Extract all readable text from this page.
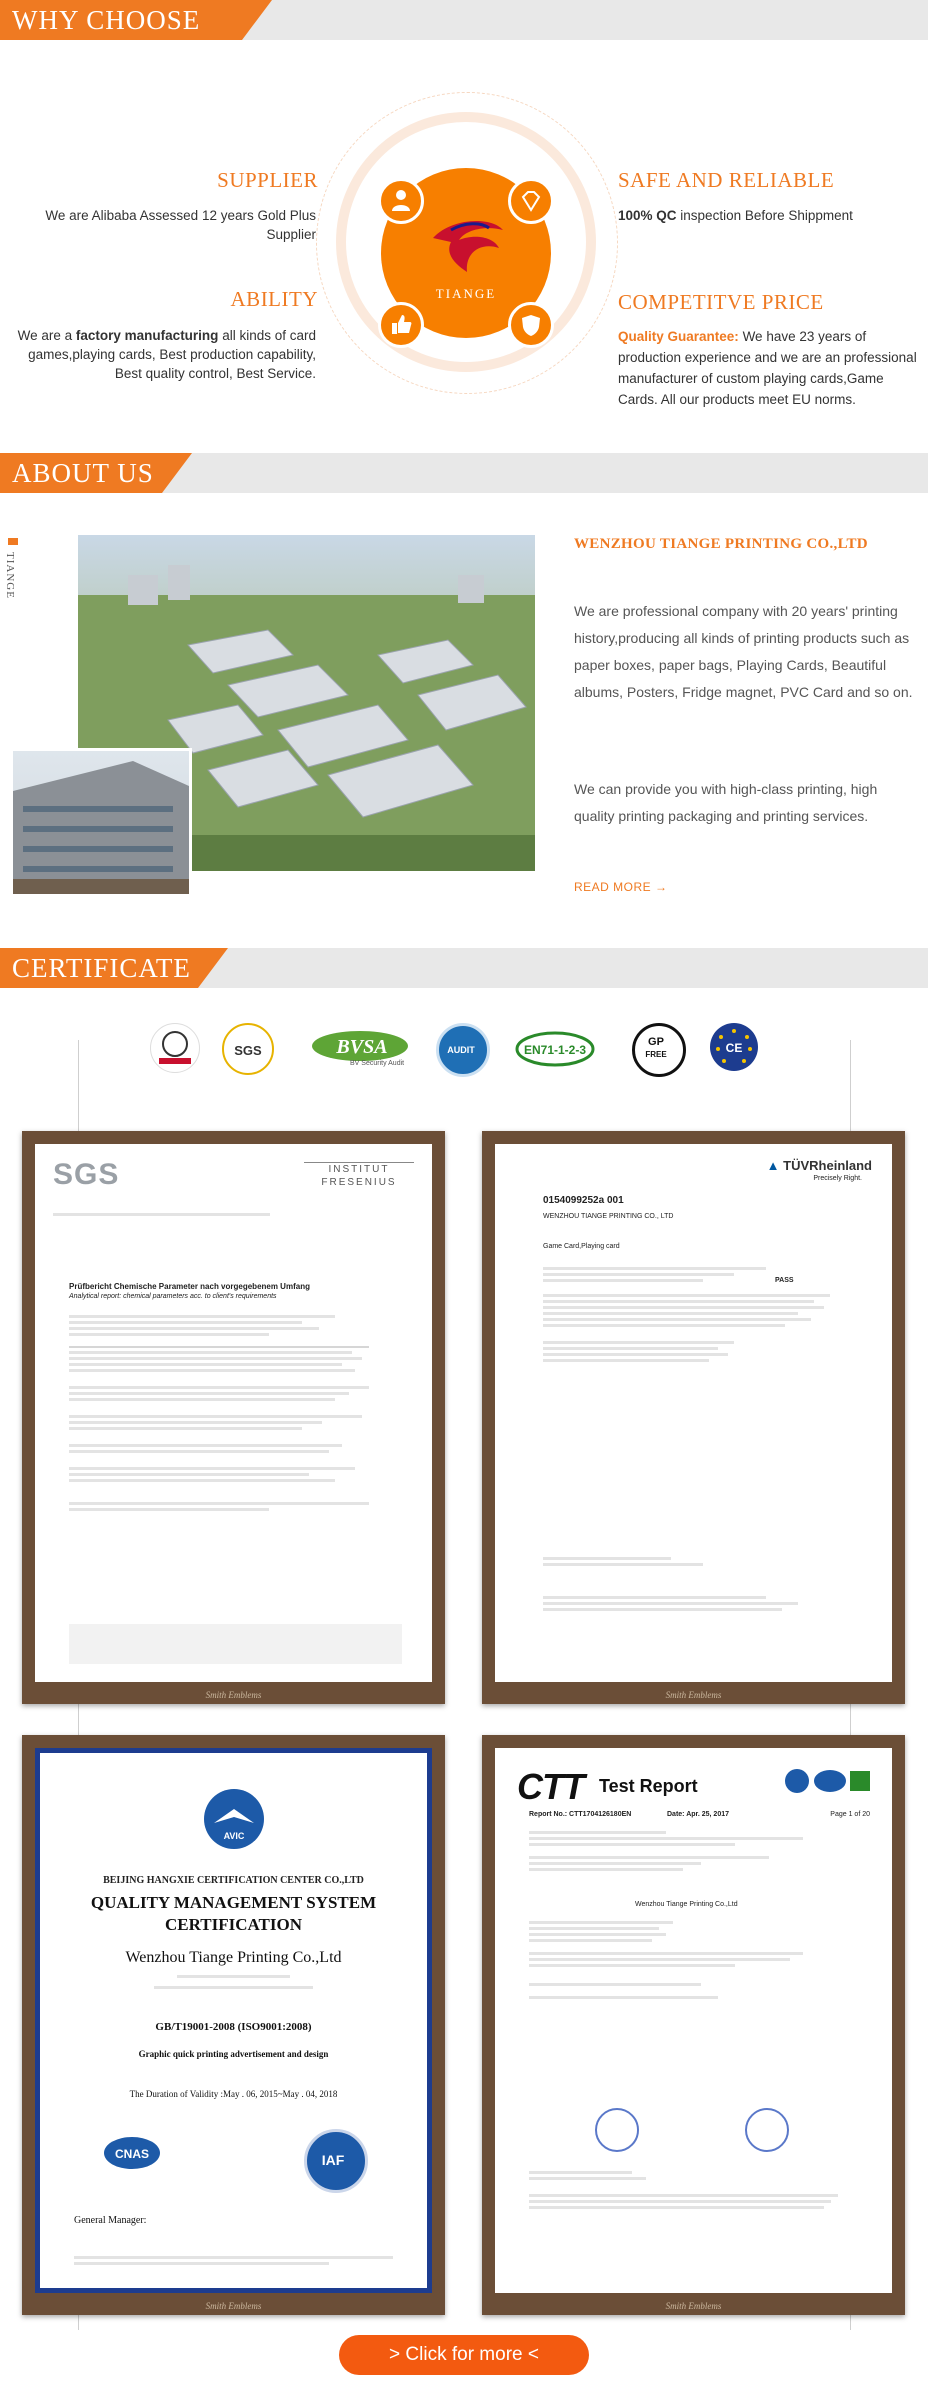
WHY CHOOSE US?
TIANGE
SUPPLIER
We are Alibaba Assessed 12 years Gold Plus Supplier
ABILITY
We are a factory manufacturing all kinds of card games,playing cards, Best production capability, Best quality control, Best Service.
SAFE AND RELIABLE
100% QC inspection Before Shippment
COMPETITVE PRICE
Quality Guarantee: We have 23 years of production experience and we are an professional manufacturer of custom playing cards,Game Cards. All our products meet EU norms.
ABOUT US
TIANGE
WENZHOU TIANGE PRINTING CO.,LTD
We are professional company with 20 years' printing history,producing all kinds of printing products such as paper boxes, paper bags, Playing Cards, Beautiful albums, Posters, Fridge magnet, PVC Card and so on.
We can provide you with high-class printing, high quality printing packaging and printing services.
READ MORE →
CERTIFICATE
SGS	BVSA
BV Security Audit
AUDIT	EN71-1-2-3
GP
FREE	CE
SGS	INSTITUT FRESENIUS
Prüfbericht Chemische Parameter nach vorgegebenem Umfang
Analytical report: chemical parameters acc. to client's requirements
Smith Emblems
▲ TÜVRheinland
Precisely Right.
0154099252a 001
WENZHOU TIANGE PRINTING CO., LTD
Game Card,Playing card
PASS
Smith Emblems
AVIC
BEIJING HANGXIE CERTIFICATION CENTER CO.,LTD
QUALITY MANAGEMENT SYSTEM
CERTIFICATION
Wenzhou Tiange Printing Co.,Ltd
GB/T19001-2008 (ISO9001:2008)
Graphic quick printing advertisement and design
The Duration of Validity :May . 06, 2015~May . 04, 2018
CNAS	IAF
General Manager:
Smith Emblems
CTT Test Report
Report No.: CTT1704126180EN	Date: Apr. 25, 2017	Page 1 of 20
Wenzhou Tiange Printing Co.,Ltd
Smith Emblems
> Click for more <
